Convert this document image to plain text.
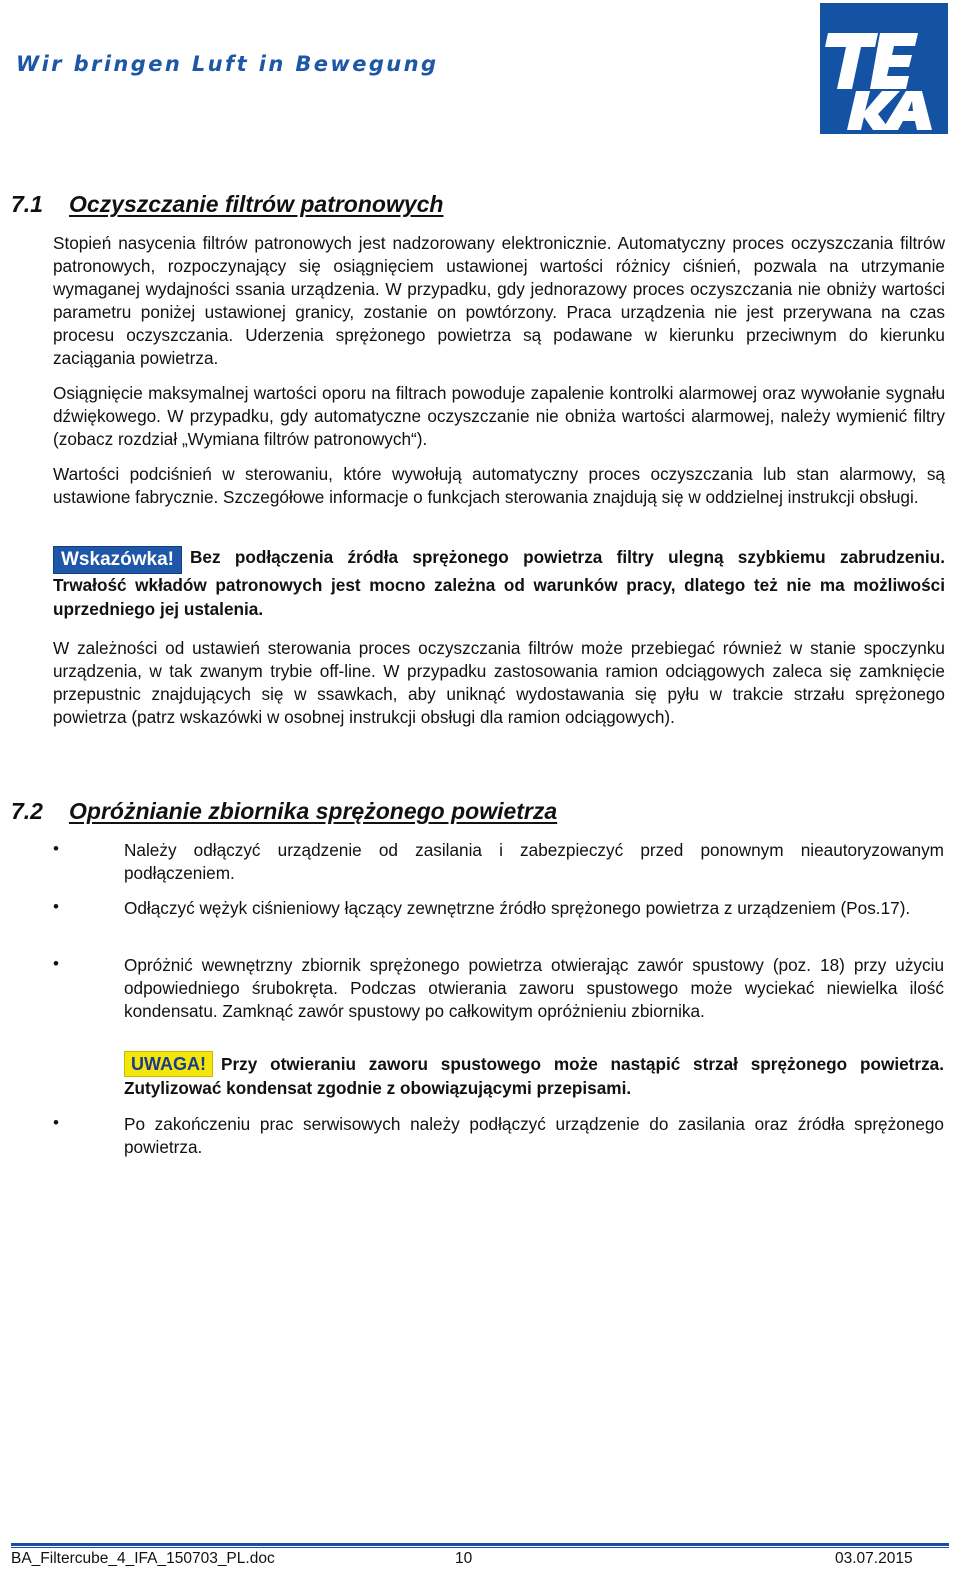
Wir bringen Luft in Bewegung
7.1 Oczyszczanie filtrów patronowych

Stopień nasycenia filtrów patronowych jest nadzorowany elektronicznie. Automatyczny proces oczyszczania filtrów patronowych, rozpoczynający się osiągnięciem ustawionej wartości różnicy ciśnień, pozwala na utrzymanie wymaganej wydajności ssania urządzenia. W przypadku, gdy jednorazowy proces oczyszczania nie obniży wartości parametru poniżej ustawionej granicy, zostanie on powtórzony. Praca urządzenia nie jest przerywana na czas procesu oczyszczania. Uderzenia sprężonego powietrza są podawane w kierunku przeciwnym do kierunku zaciągania powietrza.

Osiągnięcie maksymalnej wartości oporu na filtrach powoduje zapalenie kontrolki alarmowej oraz wywołanie sygnału dźwiękowego. W przypadku, gdy automatyczne oczyszczanie nie obniża wartości alarmowej, należy wymienić filtry (zobacz rozdział „Wymiana filtrów patronowych“).

Wartości podciśnień w sterowaniu, które wywołują automatyczny proces oczyszczania lub stan alarmowy, są ustawione fabrycznie. Szczegółowe informacje o funkcjach sterowania znajdują się w oddzielnej instrukcji obsługi.

Wskazówka! Bez podłączenia źródła sprężonego powietrza filtry ulegną szybkiemu zabrudzeniu. Trwałość wkładów patronowych jest mocno zależna od warunków pracy, dlatego też nie ma możliwości uprzedniego jej ustalenia.

W zależności od ustawień sterowania proces oczyszczania filtrów może przebiegać również w stanie spoczynku urządzenia, w tak zwanym trybie off-line. W przypadku zastosowania ramion odciągowych zaleca się zamknięcie przepustnic znajdujących się w ssawkach, aby uniknąć wydostawania się pyłu w trakcie strzału sprężonego powietrza (patrz wskazówki w osobnej instrukcji obsługi dla ramion odciągowych).

7.2 Opróżnianie zbiornika sprężonego powietrza
•	Należy odłączyć urządzenie od zasilania i zabezpieczyć przed ponownym nieautoryzowanym podłączeniem.

•	Odłączyć wężyk ciśnieniowy łączący zewnętrzne źródło sprężonego powietrza z urządzeniem (Pos.17).

•	Opróżnić wewnętrzny zbiornik sprężonego powietrza otwierając zawór spustowy (poz. 18) przy użyciu odpowiedniego śrubokręta. Podczas otwierania zaworu spustowego może wyciekać niewielka ilość kondensatu. Zamknąć zawór spustowy po całkowitym opróżnieniu zbiornika.

UWAGA! Przy otwieraniu zaworu spustowego może nastąpić strzał sprężonego powietrza. Zutylizować kondensat zgodnie z obowiązującymi przepisami.

•	Po zakończeniu prac serwisowych należy podłączyć urządzenie do zasilania oraz źródła sprężonego powietrza.

BA_Filtercube_4_IFA_150703_PL.doc	10	03.07.2015
